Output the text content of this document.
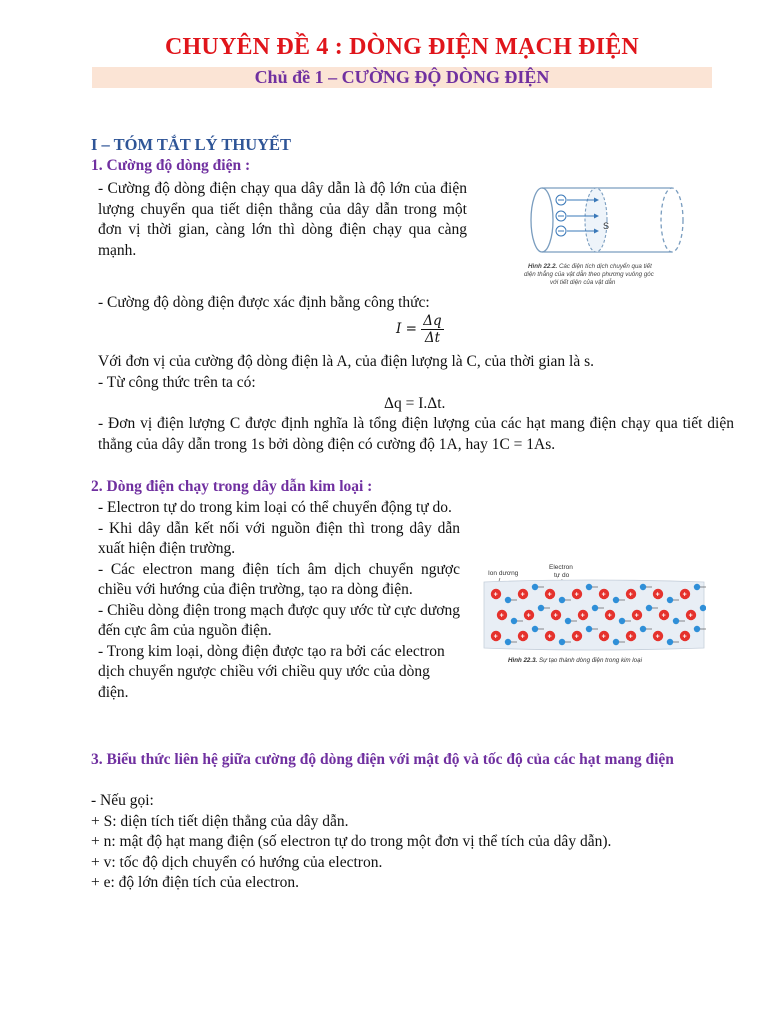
CHUYÊN ĐỀ 4 : DÒNG ĐIỆN MẠCH ĐIỆN
Chủ đề 1 – CƯỜNG ĐỘ DÒNG ĐIỆN
I – TÓM TẮT LÝ THUYẾT
1. Cường độ dòng điện :
- Cường độ dòng điện chạy qua dây dẫn là độ lớn của điện lượng chuyển qua tiết diện thẳng của dây dẫn trong một đơn vị thời gian, càng lớn thì dòng điện chạy qua càng mạnh.
S
Hình 22.2. Các điện tích dịch chuyển qua tiết
diện thẳng của vật dẫn theo phương vuông góc
với tiết diện của vật dẫn
- Cường độ dòng điện được xác định bằng công thức:
$I = \frac{\Delta q}{\Delta t}$
Với đơn vị của cường độ dòng điện là A, của điện lượng là C, của thời gian là s.
- Từ công thức trên ta có:
Δq = I.Δt.
- Đơn vị điện lượng C được định nghĩa là tổng điện lượng của các hạt mang điện chạy qua tiết diện thẳng của dây dẫn trong 1s bởi dòng điện có cường độ 1A, hay 1C = 1As.
2. Dòng điện chạy trong dây dẫn kim loại :
- Electron tự do trong kim loại có thể chuyển động tự do.
- Khi dây dẫn kết nối với nguồn điện thì trong dây dẫn xuất hiện điện trường.
- Các electron mang điện tích âm dịch chuyển ngược chiều với hướng của điện trường, tạo ra dòng điện.
- Chiều dòng điện trong mạch được quy ước từ cực dương đến cực âm của nguồn điện.
- Trong kim loại, dòng điện được tạo ra bởi các electron dịch chuyển ngược chiều với chiều quy ước của dòng điện.
Ion dương
Electron
tự do
+	+	+	+	+	+	+	+
+	+	+	+	+	+	+	+
+	+	+	+	+	+	+	+
Hình 22.3. Sự tạo thành dòng điện trong kim loại
3. Biểu thức liên hệ giữa cường độ dòng điện với mật độ và tốc độ của các hạt mang điện
- Nếu gọi:
+ S: diện tích tiết diện thẳng của dây dẫn.
+ n: mật độ hạt mang điện (số electron tự do trong một đơn vị thể tích của dây dẫn).
+ v: tốc độ dịch chuyển có hướng của electron.
+ e: độ lớn điện tích của electron.
